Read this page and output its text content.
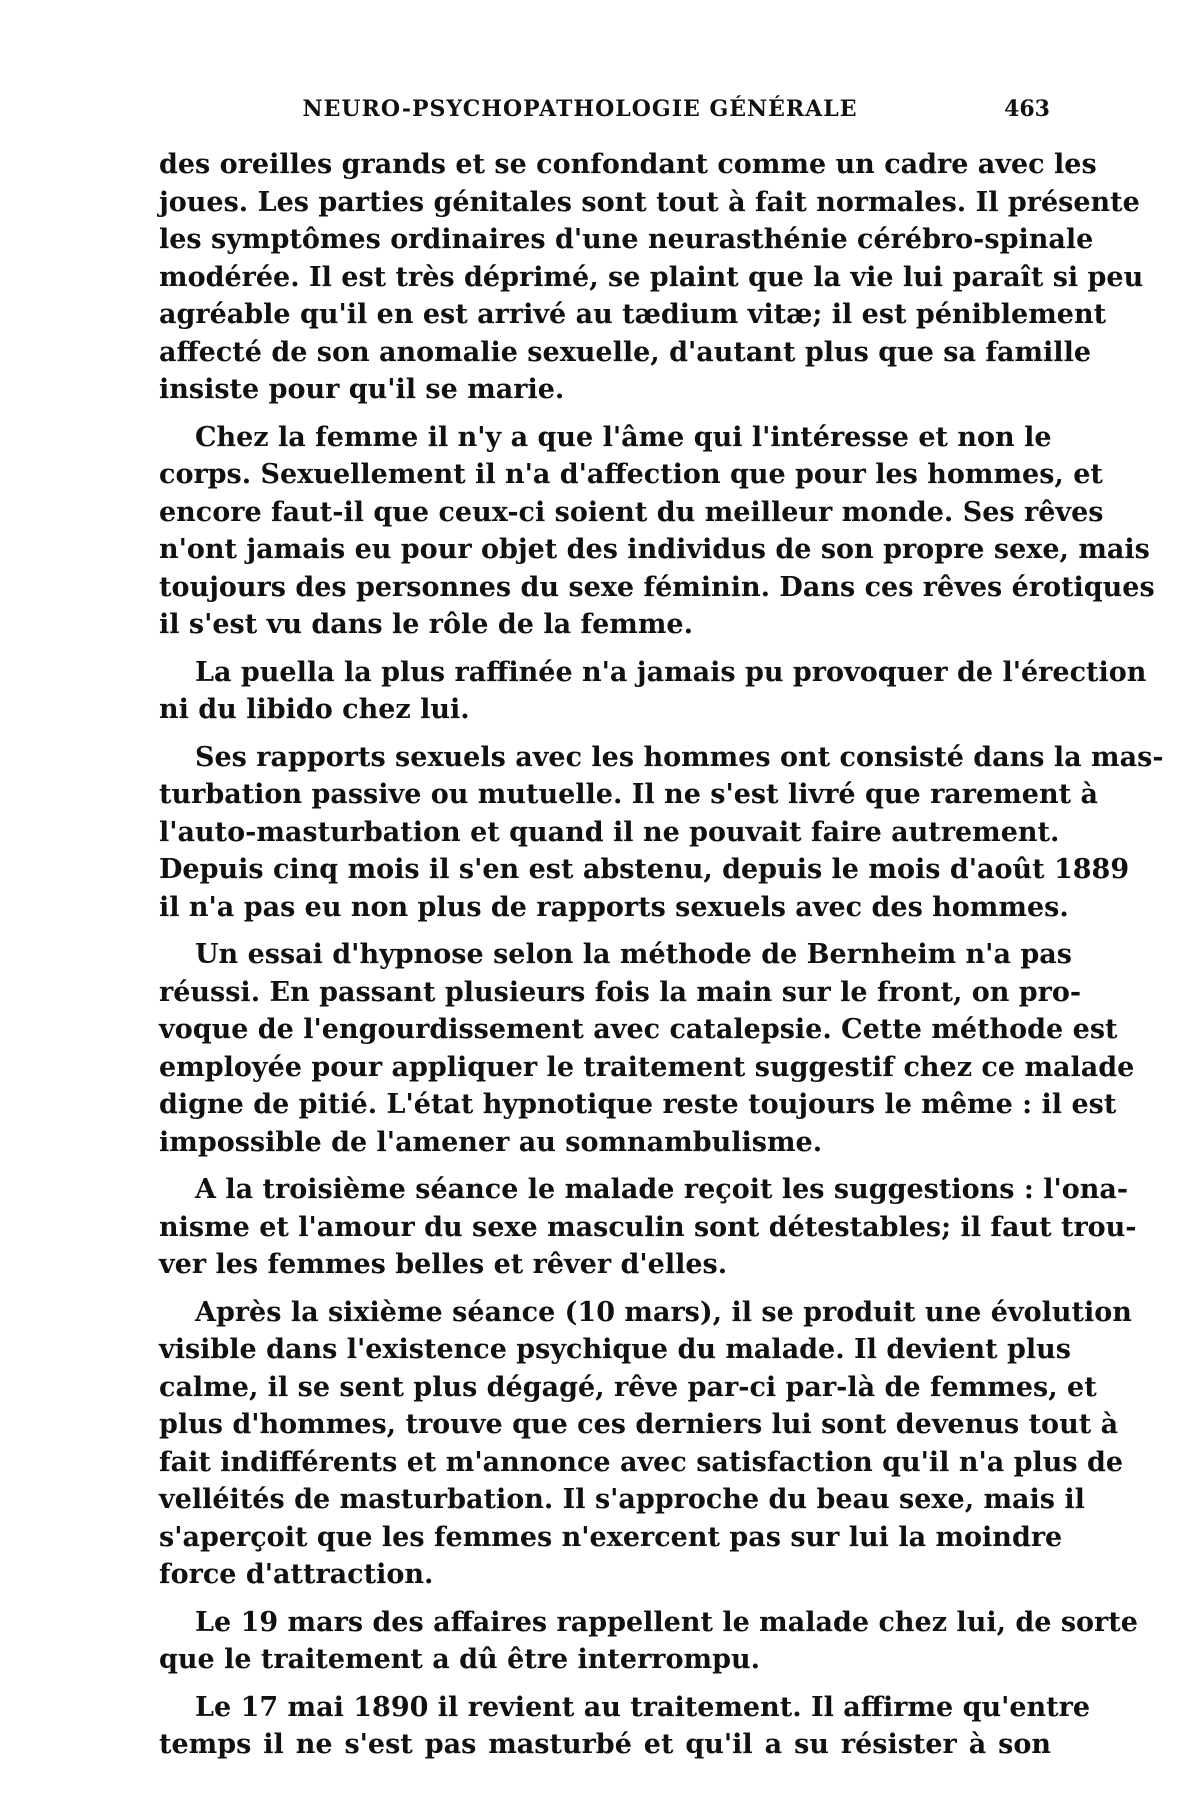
NEURO-PSYCHOPATHOLOGIE GÉNÉRALE	463

des oreilles grands et se confondant comme un cadre avec les
joues. Les parties génitales sont tout à fait normales. Il présente
les symptômes ordinaires d'une neurasthénie cérébro-spinale
modérée. Il est très déprimé, se plaint que la vie lui paraît si peu
agréable qu'il en est arrivé au tædium vitæ; il est péniblement
affecté de son anomalie sexuelle, d'autant plus que sa famille
insiste pour qu'il se marie.

Chez la femme il n'y a que l'âme qui l'intéresse et non le
corps. Sexuellement il n'a d'affection que pour les hommes, et
encore faut-il que ceux-ci soient du meilleur monde. Ses rêves
n'ont jamais eu pour objet des individus de son propre sexe, mais
toujours des personnes du sexe féminin. Dans ces rêves érotiques
il s'est vu dans le rôle de la femme.

La puella la plus raffinée n'a jamais pu provoquer de l'érection
ni du libido chez lui.

Ses rapports sexuels avec les hommes ont consisté dans la mas-
turbation passive ou mutuelle. Il ne s'est livré que rarement à
l'auto-masturbation et quand il ne pouvait faire autrement.
Depuis cinq mois il s'en est abstenu, depuis le mois d'août 1889
il n'a pas eu non plus de rapports sexuels avec des hommes.

Un essai d'hypnose selon la méthode de Bernheim n'a pas
réussi. En passant plusieurs fois la main sur le front, on pro-
voque de l'engourdissement avec catalepsie. Cette méthode est
employée pour appliquer le traitement suggestif chez ce malade
digne de pitié. L'état hypnotique reste toujours le même : il est
impossible de l'amener au somnambulisme.

A la troisième séance le malade reçoit les suggestions : l'ona-
nisme et l'amour du sexe masculin sont détestables; il faut trou-
ver les femmes belles et rêver d'elles.

Après la sixième séance (10 mars), il se produit une évolution
visible dans l'existence psychique du malade. Il devient plus
calme, il se sent plus dégagé, rêve par-ci par-là de femmes, et
plus d'hommes, trouve que ces derniers lui sont devenus tout à
fait indifférents et m'annonce avec satisfaction qu'il n'a plus de
velléités de masturbation. Il s'approche du beau sexe, mais il
s'aperçoit que les femmes n'exercent pas sur lui la moindre
force d'attraction.

Le 19 mars des affaires rappellent le malade chez lui, de sorte
que le traitement a dû être interrompu.

Le 17 mai 1890 il revient au traitement. Il affirme qu'entre
temps il ne s'est pas masturbé et qu'il a su résister à son
